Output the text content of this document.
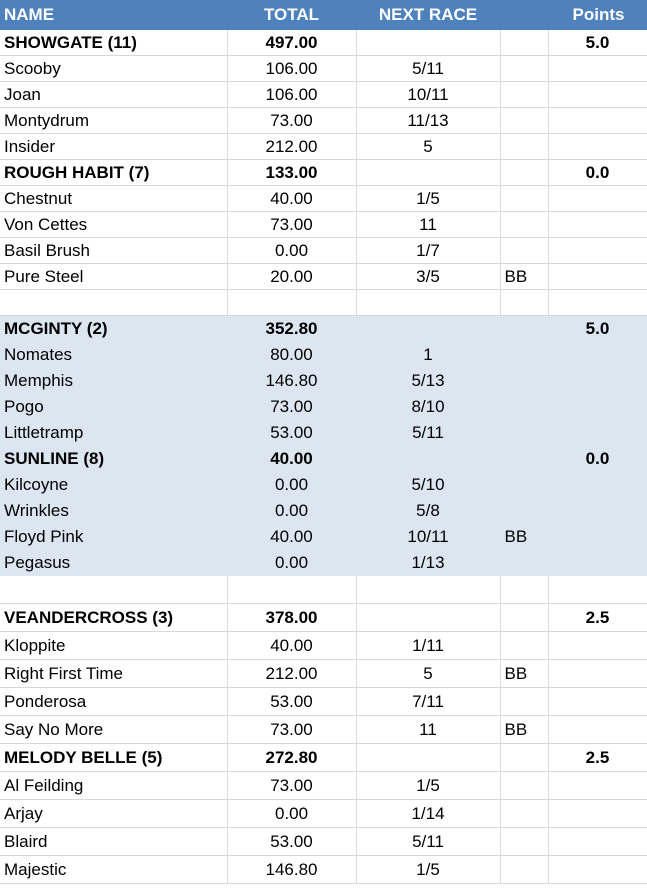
NAME	TOTAL	NEXT RACE		Points
SHOWGATE (11)	497.00			5.0
Scooby	106.00	5/11		
Joan	106.00	10/11		
Montydrum	73.00	11/13		
Insider	212.00	5		
ROUGH HABIT (7)	133.00			0.0
Chestnut	40.00	1/5		
Von Cettes	73.00	11		
Basil Brush	0.00	1/7		
Pure Steel	20.00	3/5	BB	

MCGINTY (2)	352.80			5.0
Nomates	80.00	1		
Memphis	146.80	5/13		
Pogo	73.00	8/10		
Littletramp	53.00	5/11		
SUNLINE (8)	40.00			0.0
Kilcoyne	0.00	5/10		
Wrinkles	0.00	5/8		
Floyd Pink	40.00	10/11	BB	
Pegasus	0.00	1/13		

VEANDERCROSS (3)	378.00			2.5
Kloppite	40.00	1/11		
Right First Time	212.00	5	BB	
Ponderosa	53.00	7/11		
Say No More	73.00	11	BB	
MELODY BELLE (5)	272.80			2.5
Al Feilding	73.00	1/5		
Arjay	0.00	1/14		
Blaird	53.00	5/11		
Majestic	146.80	1/5		
